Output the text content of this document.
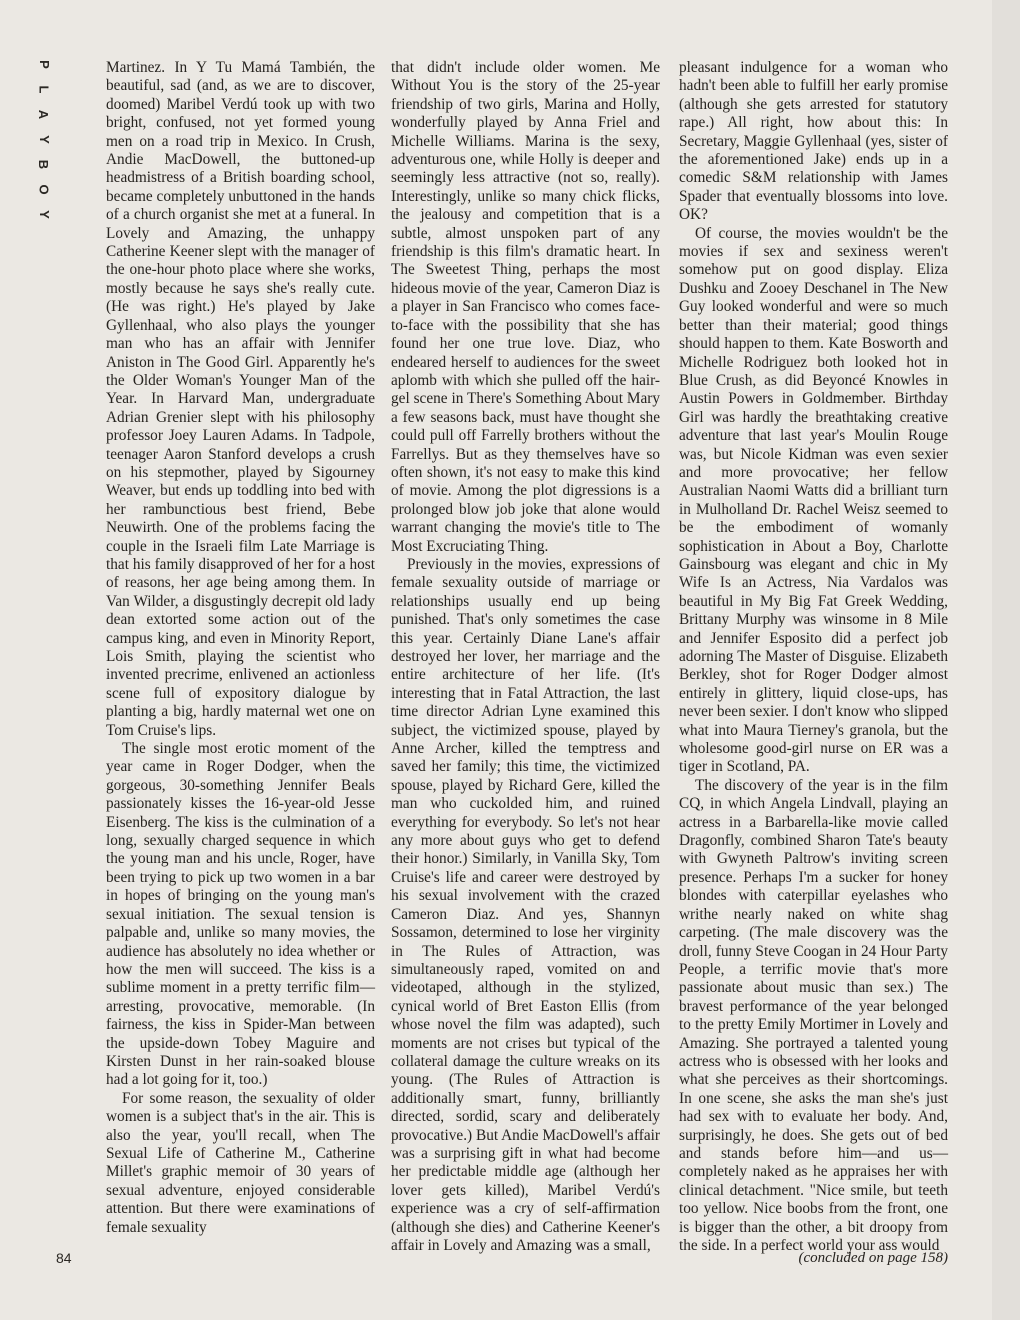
P
L
A
Y
B
O
Y

Martinez. In Y Tu Mamá También, the beautiful, sad (and, as we are to discover, doomed) Maribel Verdú took up with two bright, confused, not yet formed young men on a road trip in Mexico. In Crush, Andie MacDowell, the buttoned-up headmistress of a British boarding school, became completely unbuttoned in the hands of a church organist she met at a funeral. In Lovely and Amazing, the unhappy Catherine Keener slept with the manager of the one-hour photo place where she works, mostly because he says she's really cute. (He was right.) He's played by Jake Gyllenhaal, who also plays the younger man who has an affair with Jennifer Aniston in The Good Girl. Apparently he's the Older Woman's Younger Man of the Year. In Harvard Man, undergraduate Adrian Grenier slept with his philosophy professor Joey Lauren Adams. In Tadpole, teenager Aaron Stanford develops a crush on his stepmother, played by Sigourney Weaver, but ends up toddling into bed with her rambunctious best friend, Bebe Neuwirth. One of the problems facing the couple in the Israeli film Late Marriage is that his family disapproved of her for a host of reasons, her age being among them. In Van Wilder, a disgustingly decrepit old lady dean extorted some action out of the campus king, and even in Minority Report, Lois Smith, playing the scientist who invented precrime, enlivened an actionless scene full of expository dialogue by planting a big, hardly maternal wet one on Tom Cruise's lips.

The single most erotic moment of the year came in Roger Dodger, when the gorgeous, 30-something Jennifer Beals passionately kisses the 16-year-old Jesse Eisenberg. The kiss is the culmination of a long, sexually charged sequence in which the young man and his uncle, Roger, have been trying to pick up two women in a bar in hopes of bringing on the young man's sexual initiation. The sexual tension is palpable and, unlike so many movies, the audience has absolutely no idea whether or how the men will succeed. The kiss is a sublime moment in a pretty terrific film—arresting, provocative, memorable. (In fairness, the kiss in Spider-Man between the upside-down Tobey Maguire and Kirsten Dunst in her rain-soaked blouse had a lot going for it, too.)

For some reason, the sexuality of older women is a subject that's in the air. This is also the year, you'll recall, when The Sexual Life of Catherine M., Catherine Millet's graphic memoir of 30 years of sexual adventure, enjoyed considerable attention. But there were examinations of female sexuality

that didn't include older women. Me Without You is the story of the 25-year friendship of two girls, Marina and Holly, wonderfully played by Anna Friel and Michelle Williams. Marina is the sexy, adventurous one, while Holly is deeper and seemingly less attractive (not so, really). Interestingly, unlike so many chick flicks, the jealousy and competition that is a subtle, almost unspoken part of any friendship is this film's dramatic heart. In The Sweetest Thing, perhaps the most hideous movie of the year, Cameron Diaz is a player in San Francisco who comes face-to-face with the possibility that she has found her one true love. Diaz, who endeared herself to audiences for the sweet aplomb with which she pulled off the hair-gel scene in There's Something About Mary a few seasons back, must have thought she could pull off Farrelly brothers without the Farrellys. But as they themselves have so often shown, it's not easy to make this kind of movie. Among the plot digressions is a prolonged blow job joke that alone would warrant changing the movie's title to The Most Excruciating Thing.

Previously in the movies, expressions of female sexuality outside of marriage or relationships usually end up being punished. That's only sometimes the case this year. Certainly Diane Lane's affair destroyed her lover, her marriage and the entire architecture of her life. (It's interesting that in Fatal Attraction, the last time director Adrian Lyne examined this subject, the victimized spouse, played by Anne Archer, killed the temptress and saved her family; this time, the victimized spouse, played by Richard Gere, killed the man who cuckolded him, and ruined everything for everybody. So let's not hear any more about guys who get to defend their honor.) Similarly, in Vanilla Sky, Tom Cruise's life and career were destroyed by his sexual involvement with the crazed Cameron Diaz. And yes, Shannyn Sossamon, determined to lose her virginity in The Rules of Attraction, was simultaneously raped, vomited on and videotaped, although in the stylized, cynical world of Bret Easton Ellis (from whose novel the film was adapted), such moments are not crises but typical of the collateral damage the culture wreaks on its young. (The Rules of Attraction is additionally smart, funny, brilliantly directed, sordid, scary and deliberately provocative.) But Andie MacDowell's affair was a surprising gift in what had become her predictable middle age (although her lover gets killed), Maribel Verdú's experience was a cry of self-affirmation (although she dies) and Catherine Keener's affair in Lovely and Amazing was a small,

pleasant indulgence for a woman who hadn't been able to fulfill her early promise (although she gets arrested for statutory rape.) All right, how about this: In Secretary, Maggie Gyllenhaal (yes, sister of the aforementioned Jake) ends up in a comedic S&M relationship with James Spader that eventually blossoms into love. OK?

Of course, the movies wouldn't be the movies if sex and sexiness weren't somehow put on good display. Eliza Dushku and Zooey Deschanel in The New Guy looked wonderful and were so much better than their material; good things should happen to them. Kate Bosworth and Michelle Rodriguez both looked hot in Blue Crush, as did Beyoncé Knowles in Austin Powers in Goldmember. Birthday Girl was hardly the breathtaking creative adventure that last year's Moulin Rouge was, but Nicole Kidman was even sexier and more provocative; her fellow Australian Naomi Watts did a brilliant turn in Mulholland Dr. Rachel Weisz seemed to be the embodiment of womanly sophistication in About a Boy, Charlotte Gainsbourg was elegant and chic in My Wife Is an Actress, Nia Vardalos was beautiful in My Big Fat Greek Wedding, Brittany Murphy was winsome in 8 Mile and Jennifer Esposito did a perfect job adorning The Master of Disguise. Elizabeth Berkley, shot for Roger Dodger almost entirely in glittery, liquid close-ups, has never been sexier. I don't know who slipped what into Maura Tierney's granola, but the wholesome good-girl nurse on ER was a tiger in Scotland, PA.

The discovery of the year is in the film CQ, in which Angela Lindvall, playing an actress in a Barbarella-like movie called Dragonfly, combined Sharon Tate's beauty with Gwyneth Paltrow's inviting screen presence. Perhaps I'm a sucker for honey blondes with caterpillar eyelashes who writhe nearly naked on white shag carpeting. (The male discovery was the droll, funny Steve Coogan in 24 Hour Party People, a terrific movie that's more passionate about music than sex.) The bravest performance of the year belonged to the pretty Emily Mortimer in Lovely and Amazing. She portrayed a talented young actress who is obsessed with her looks and what she perceives as their shortcomings. In one scene, she asks the man she's just had sex with to evaluate her body. And, surprisingly, he does. She gets out of bed and stands before him—and us—completely naked as he appraises her with clinical detachment. "Nice smile, but teeth too yellow. Nice boobs from the front, one is bigger than the other, a bit droopy from the side. In a perfect world your ass would

(concluded on page 158)
84
